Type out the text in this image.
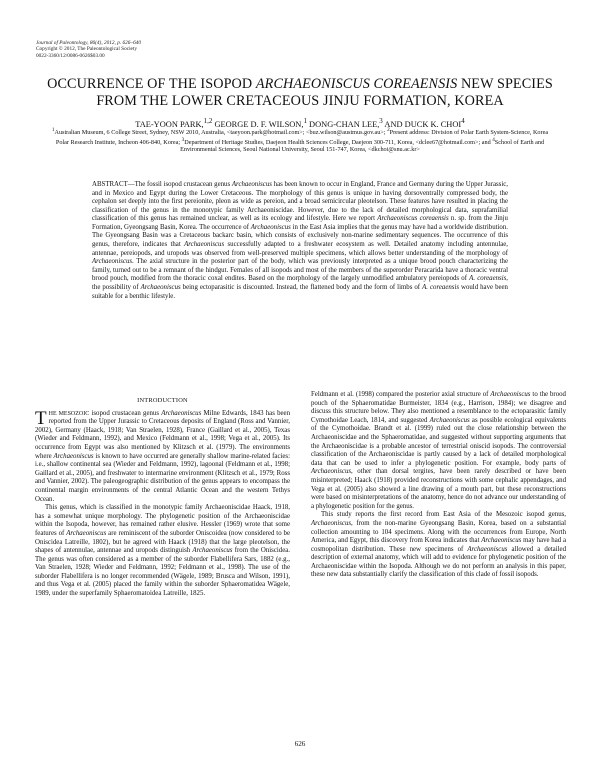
Journal of Paleontology, 86(4), 2012, p. 626–640
Copyright © 2012, The Paleontological Society
0022-3360/12/0086-0626$03.00
OCCURRENCE OF THE ISOPOD ARCHAEONISCUS COREAENSIS NEW SPECIES FROM THE LOWER CRETACEOUS JINJU FORMATION, KOREA
TAE-YOON PARK,$^{1,2}$ GEORGE D. F. WILSON,$^1$ DONG-CHAN LEE,$^3$ AND DUCK K. CHOI$^4$
$^1$Australian Museum, 6 College Street, Sydney, NSW 2010, Australia, <taeyoon.park@hotmail.com>; <buz.wilson@austmus.gov.au>; $^2$Present address: Division of Polar Earth System-Science, Korea Polar Research Institute, Incheon 406-840, Korea; $^3$Department of Heritage Studies, Daejeon Health Sciences College, Daejeon 300-711, Korea, <dclee67@hotmail.com>; and $^4$School of Earth and Environmental Sciences, Seoul National University, Seoul 151-747, Korea, <dkchoi@snu.ac.kr>
ABSTRACT—The fossil isopod crustacean genus Archaeoniscus has been known to occur in England, France and Germany during the Upper Jurassic, and in Mexico and Egypt during the Lower Cretaceous. The morphology of this genus is unique in having dorsoventrally compressed body, the cephalon set deeply into the first pereionite, pleon as wide as pereion, and a broad semicircular pleotelson. These features have resulted in placing the classification of the genus in the monotypic family Archaeoniscidae. However, due to the lack of detailed morphological data, suprafamilial classification of this genus has remained unclear, as well as its ecology and lifestyle. Here we report Archaeoniscus coreaensis n. sp. from the Jinju Formation, Gyeongsang Basin, Korea. The occurrence of Archaeoniscus in the East Asia implies that the genus may have had a worldwide distribution. The Gyeongsang Basin was a Cretaceous backarc basin, which consists of exclusively non-marine sedimentary sequences. The occurrence of this genus, therefore, indicates that Archaeoniscus successfully adapted to a freshwater ecosystem as well. Detailed anatomy including antennulae, antennae, pereiopods, and uropods was observed from well-preserved multiple specimens, which allows better understanding of the morphology of Archaeoniscus. The axial structure in the posterior part of the body, which was previously interpreted as a unique brood pouch characterizing the family, turned out to be a remnant of the hindgut. Females of all isopods and most of the members of the superorder Peracarida have a thoracic ventral brood pouch, modified from the thoracic coxal endites. Based on the morphology of the largely unmodified ambulatory pereiopods of A. coreaensis, the possibility of Archaeoniscus being ectoparasitic is discounted. Instead, the flattened body and the form of limbs of A. coreaensis would have been suitable for a benthic lifestyle.
INTRODUCTION

THE MESOZOIC isopod crustacean genus Archaeoniscus Milne Edwards, 1843 has been reported from the Upper Jurassic to Cretaceous deposits of England (Ross and Vannier, 2002), Germany (Haack, 1918; Van Straelen, 1928), France (Gaillard et al., 2005), Texas (Wieder and Feldmann, 1992), and Mexico (Feldmann et al., 1998; Vega et al., 2005). Its occurrence from Egypt was also mentioned by Klitzsch et al. (1979). The environments where Archaeoniscus is known to have occurred are generally shallow marine-related facies: i.e., shallow continental sea (Wieder and Feldmann, 1992), lagoonal (Feldmann et al., 1998; Gaillard et al., 2005), and freshwater to intermarine environment (Klitzsch et al., 1979; Ross and Vannier, 2002). The paleogeographic distribution of the genus appears to encompass the continental margin environments of the central Atlantic Ocean and the western Tethys Ocean.

This genus, which is classified in the monotypic family Archaeoniscidae Haack, 1918, has a somewhat unique morphology. The phylogenetic position of the Archaeoniscidae within the Isopoda, however, has remained rather elusive. Hessler (1969) wrote that some features of Archaeoniscus are reminiscent of the suborder Oniscoidea (now considered to be Oniscidea Latreille, 1802), but he agreed with Haack (1918) that the large pleotelson, the shapes of antennulae, antennae and uropods distinguish Archaeoniscus from the Oniscidea. The genus was often considered as a member of the suborder Flabellifera Sars, 1882 (e.g., Van Straelen, 1928; Wieder and Feldmann, 1992; Feldmann et al., 1998). The use of the suborder Flabellifera is no longer recommended (Wägele, 1989; Brusca and Wilson, 1991), and thus Vega et al. (2005) placed the family within the suborder Sphaeromatidea Wägele, 1989, under the superfamily Sphaeromatoidea Latreille, 1825.

Feldmann et al. (1998) compared the posterior axial structure of Archaeoniscus to the brood pouch of the Sphaeromatidae Burmeister, 1834 (e.g., Harrison, 1984); we disagree and discuss this structure below. They also mentioned a resemblance to the ectoparasitic family Cymothoidae Leach, 1814, and suggested Archaeoniscus as possible ecological equivalents of the Cymothoidae. Brandt et al. (1999) ruled out the close relationship between the Archaeoniscidae and the Sphaeromatidae, and suggested without supporting arguments that the Archaeoniscidae is a probable ancestor of terrestrial oniscid isopods. The controversial classification of the Archaeoniscidae is partly caused by a lack of detailed morphological data that can be used to infer a phylogenetic position. For example, body parts of Archaeoniscus, other than dorsal tergites, have been rarely described or have been misinterpreted; Haack (1918) provided reconstructions with some cephalic appendages, and Vega et al. (2005) also showed a line drawing of a mouth part, but these reconstructions were based on misinterpretations of the anatomy, hence do not advance our understanding of a phylogenetic position for the genus.

This study reports the first record from East Asia of the Mesozoic isopod genus, Archaeoniscus, from the non-marine Gyeongsang Basin, Korea, based on a substantial collection amounting to 104 specimens. Along with the occurrences from Europe, North America, and Egypt, this discovery from Korea indicates that Archaeoniscus may have had a cosmopolitan distribution. These new specimens of Archaeoniscus allowed a detailed description of external anatomy, which will add to evidence for phylogenetic position of the Archaeoniscidae within the Isopoda. Although we do not perform an analysis in this paper, these new data substantially clarify the classification of this clade of fossil isopods.

626
